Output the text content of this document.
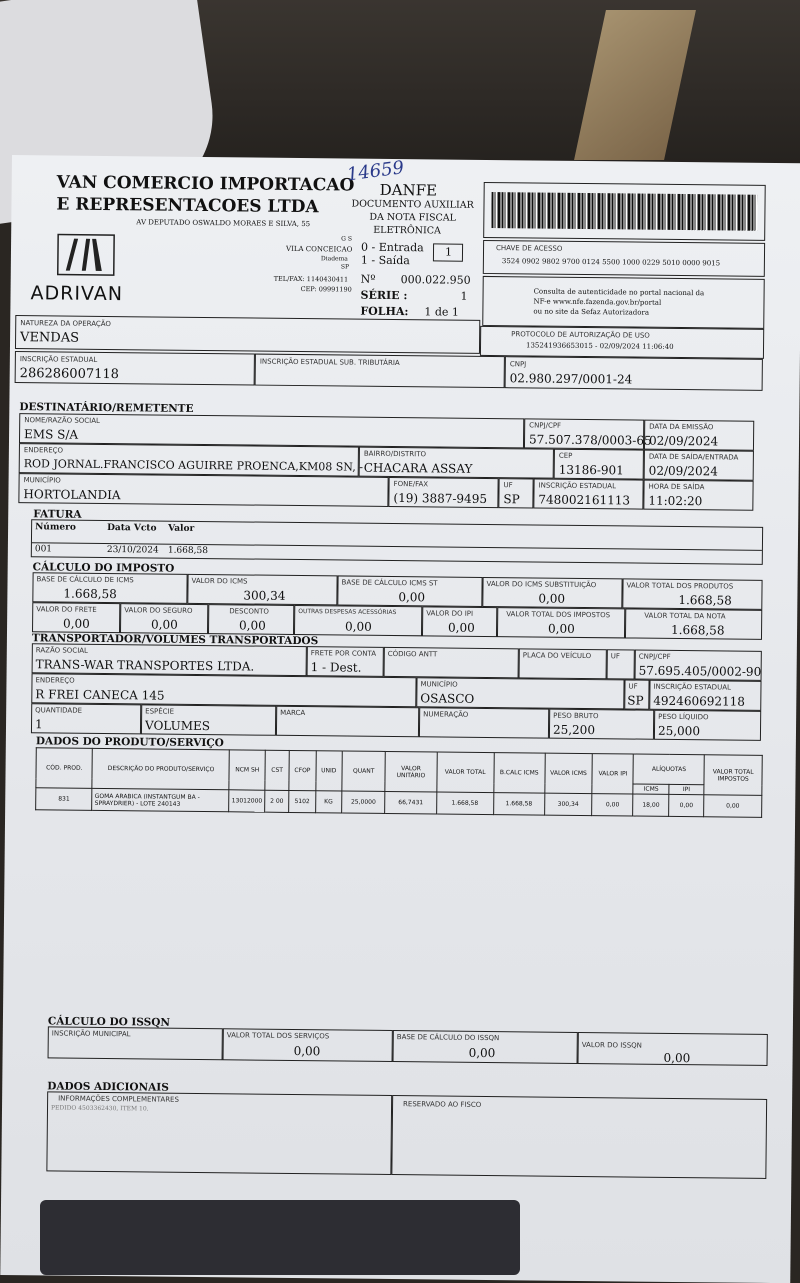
VAN COMERCIO IMPORTACAO
E REPRESENTACOES LTDA
AV DEPUTADO OSWALDO MORAES E SILVA, 55
ADRIVAN
G S
VILA CONCEICAO
Diadema
SP
TEL/FAX: 1140430411
CEP: 09991190
14659
DANFE
DOCUMENTO AUXILIAR
DA NOTA FISCAL
ELETRÔNICA
0 - Entrada
1 - Saída
1
Nº 000.022.950
SÉRIE :	1
FOLHA: 1 de 1
CHAVE DE ACESSO
3524 0902 9802 9700 0124 5500 1000 0229 5010 0000 9015
Consulta de autenticidade no portal nacional da
NF-e www.nfe.fazenda.gov.br/portal
ou no site da Sefaz Autorizadora
NATUREZA DA OPERAÇÃO
VENDAS	PROTOCOLO DE AUTORIZAÇÃO DE USO
135241936653015 - 02/09/2024 11:06:40
INSCRIÇÃO ESTADUAL
286286007118
INSCRIÇÃO ESTADUAL SUB. TRIBUTÁRIA	CNPJ
02.980.297/0001-24
DESTINATÁRIO/REMETENTE
NOME/RAZÃO SOCIAL
EMS S/A
CNPJ/CPF
57.507.378/0003-65
DATA DA EMISSÃO
02/09/2024
ENDEREÇO
ROD JORNAL.FRANCISCO AGUIRRE PROENCA,KM08 SN, -
BAIRRO/DISTRITO
CHACARA ASSAY
CEP
13186-901
DATA DE SAÍDA/ENTRADA
02/09/2024
MUNICÍPIO
HORTOLANDIA
FONE/FAX
(19) 3887-9495
UF
SP
INSCRIÇÃO ESTADUAL
748002161113
HORA DE SAÍDA
11:02:20
FATURA
Número	Data Vcto Valor
001	23/10/2024 1.668,58
CÁLCULO DO IMPOSTO
BASE DE CÁLCULO DE ICMS
1.668,58
VALOR DO ICMS
300,34
BASE DE CÁLCULO ICMS ST
0,00
VALOR DO ICMS SUBSTITUIÇÃO
0,00
VALOR TOTAL DOS PRODUTOS
1.668,58
VALOR DO FRETE
0,00
VALOR DO SEGURO
0,00
DESCONTO
0,00
OUTRAS DESPESAS ACESSÓRIAS
0,00
VALOR DO IPI
0,00
VALOR TOTAL DOS IMPOSTOS
0,00
VALOR TOTAL DA NOTA
1.668,58
TRANSPORTADOR/VOLUMES TRANSPORTADOS
RAZÃO SOCIAL
TRANS-WAR TRANSPORTES LTDA.
FRETE POR CONTA
1 - Dest.
CÓDIGO ANTT	PLACA DO VEÍCULO	UF	CNPJ/CPF
57.695.405/0002-90
ENDEREÇO
R FREI CANECA 145
MUNICÍPIO
OSASCO
UF
SP
INSCRIÇÃO ESTADUAL
492460692118
QUANTIDADE
1
ESPÉCIE
VOLUMES
MARCA	NUMERAÇÃO	PESO BRUTO
25,200
PESO LÍQUIDO
25,000
DADOS DO PRODUTO/SERVIÇO
CÓD. PROD.	DESCRIÇÃO DO PRODUTO/SERVIÇO	NCM SH	CST	CFOP	UNID	QUANT	VALOR UNITÁRIO	VALOR TOTAL	B.CALC ICMS	VALOR ICMS	VALOR IPI	ALÍQUOTAS		VALOR TOTAL IMPOSTOS
												ICMS	IPI	
831	GOMA ARABICA (INSTANTGUM BA - SPRAYDRIER) - LOTE 240143	13012000	2 00	5102	KG	25,0000	66,7431	1.668,58	1.668,58	300,34	0,00	18,00	0,00	0,00
CÁLCULO DO ISSQN
INSCRIÇÃO MUNICIPAL	VALOR TOTAL DOS SERVIÇOS
0,00
BASE DE CÁLCULO DO ISSQN
0,00
VALOR DO ISSQN
0,00
DADOS ADICIONAIS
INFORMAÇÕES COMPLEMENTARES
PEDIDO 4503362430, ITEM 10.	RESERVADO AO FISCO
